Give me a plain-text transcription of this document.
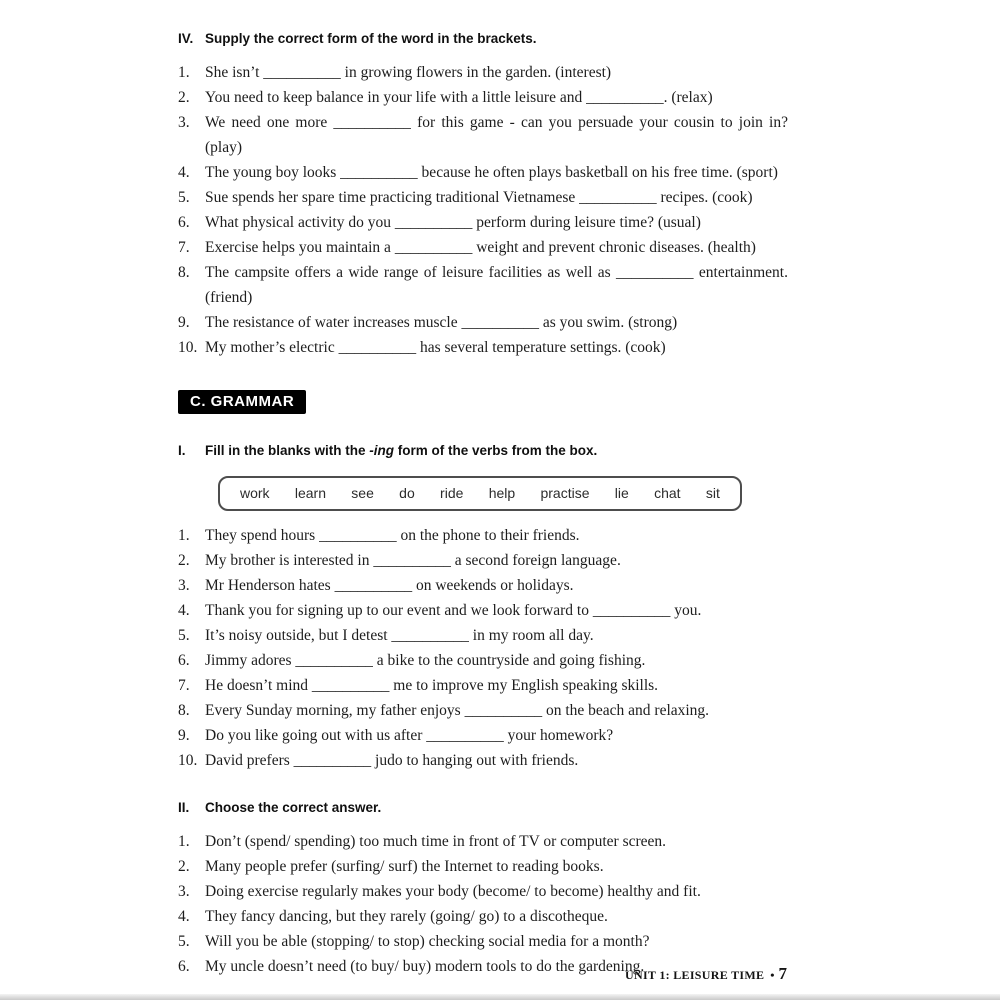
IV. Supply the correct form of the word in the brackets.
1. She isn’t __________ in growing flowers in the garden. (interest)
2. You need to keep balance in your life with a little leisure and __________. (relax)
3. We need one more __________ for this game - can you persuade your cousin to join in? (play)
4. The young boy looks __________ because he often plays basketball on his free time. (sport)
5. Sue spends her spare time practicing traditional Vietnamese __________ recipes. (cook)
6. What physical activity do you __________ perform during leisure time? (usual)
7. Exercise helps you maintain a __________ weight and prevent chronic diseases. (health)
8. The campsite offers a wide range of leisure facilities as well as __________ entertainment. (friend)
9. The resistance of water increases muscle __________ as you swim. (strong)
10. My mother’s electric __________ has several temperature settings. (cook)
C. GRAMMAR
I.	Fill in the blanks with the -ing form of the verbs from the box.
work learn see do ride help practise lie chat sit
1. They spend hours __________ on the phone to their friends.
2. My brother is interested in __________ a second foreign language.
3. Mr Henderson hates __________ on weekends or holidays.
4. Thank you for signing up to our event and we look forward to __________ you.
5. It’s noisy outside, but I detest __________ in my room all day.
6. Jimmy adores __________ a bike to the countryside and going fishing.
7. He doesn’t mind __________ me to improve my English speaking skills.
8. Every Sunday morning, my father enjoys __________ on the beach and relaxing.
9. Do you like going out with us after __________ your homework?
10. David prefers __________ judo to hanging out with friends.
II.	Choose the correct answer.
1. Don’t (spend/ spending) too much time in front of TV or computer screen.
2. Many people prefer (surfing/ surf) the Internet to reading books.
3. Doing exercise regularly makes your body (become/ to become) healthy and fit.
4. They fancy dancing, but they rarely (going/ go) to a discotheque.
5. Will you be able (stopping/ to stop) checking social media for a month?
6. My uncle doesn’t need (to buy/ buy) modern tools to do the gardening.
UNIT 1: LEISURE TIME • 7
